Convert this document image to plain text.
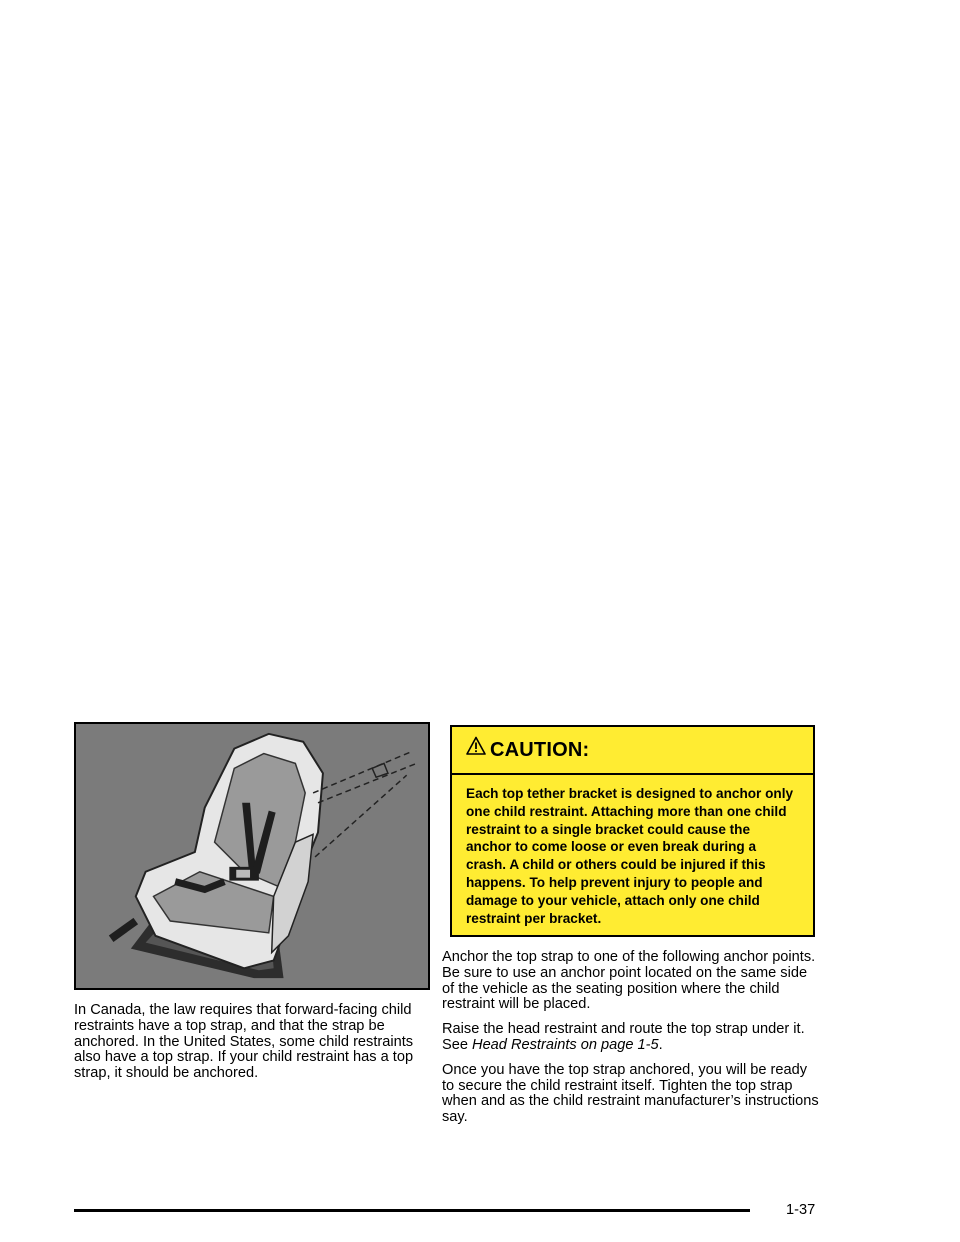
In Canada, the law requires that forward-facing child restraints have a top strap, and that the strap be anchored. In the United States, some child restraints also have a top strap. If your child restraint has a top strap, it should be anchored.

CAUTION:

Each top tether bracket is designed to anchor only one child restraint. Attaching more than one child restraint to a single bracket could cause the anchor to come loose or even break during a crash. A child or others could be injured if this happens. To help prevent injury to people and damage to your vehicle, attach only one child restraint per bracket.

Anchor the top strap to one of the following anchor points. Be sure to use an anchor point located on the same side of the vehicle as the seating position where the child restraint will be placed.

Raise the head restraint and route the top strap under it. See Head Restraints on page 1-5.

Once you have the top strap anchored, you will be ready to secure the child restraint itself. Tighten the top strap when and as the child restraint manufacturer’s instructions say.

1-37
